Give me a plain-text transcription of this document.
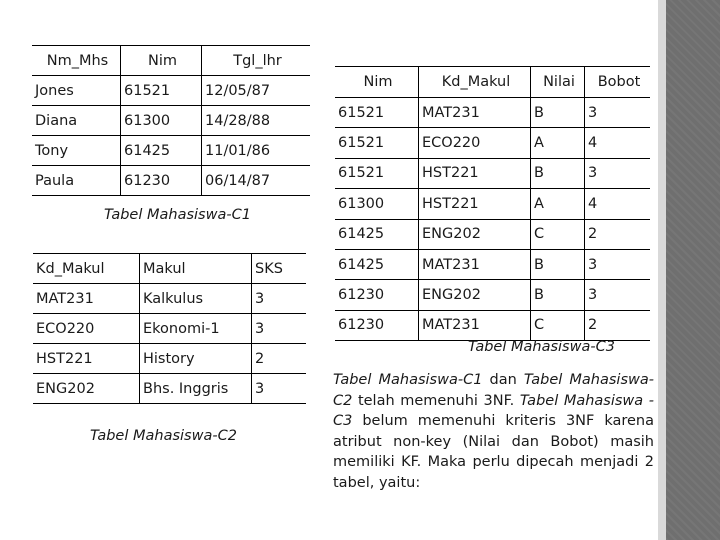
Nm_Mhs	Nim	Tgl_lhr
Jones	61521	12/05/87
Diana	61300	14/28/88
Tony	61425	11/01/86
Paula	61230	06/14/87
Tabel Mahasiswa-C1
Kd_Makul	Makul	SKS
MAT231	Kalkulus	3
ECO220	Ekonomi-1	3
HST221	History	2
ENG202	Bhs. Inggris	3
Tabel Mahasiswa-C2
Nim	Kd_Makul	Nilai	Bobot
61521	MAT231	B	3
61521	ECO220	A	4
61521	HST221	B	3
61300	HST221	A	4
61425	ENG202	C	2
61425	MAT231	B	3
61230	ENG202	B	3
61230	MAT231	C	2
Tabel Mahasiswa-C3
Tabel Mahasiswa-C1 dan Tabel Mahasiswa-C2 telah memenuhi 3NF. Tabel Mahasiswa -C3 belum memenuhi kriteris 3NF karena atribut non-key (Nilai dan Bobot) masih memiliki KF. Maka perlu dipecah menjadi 2 tabel, yaitu:
